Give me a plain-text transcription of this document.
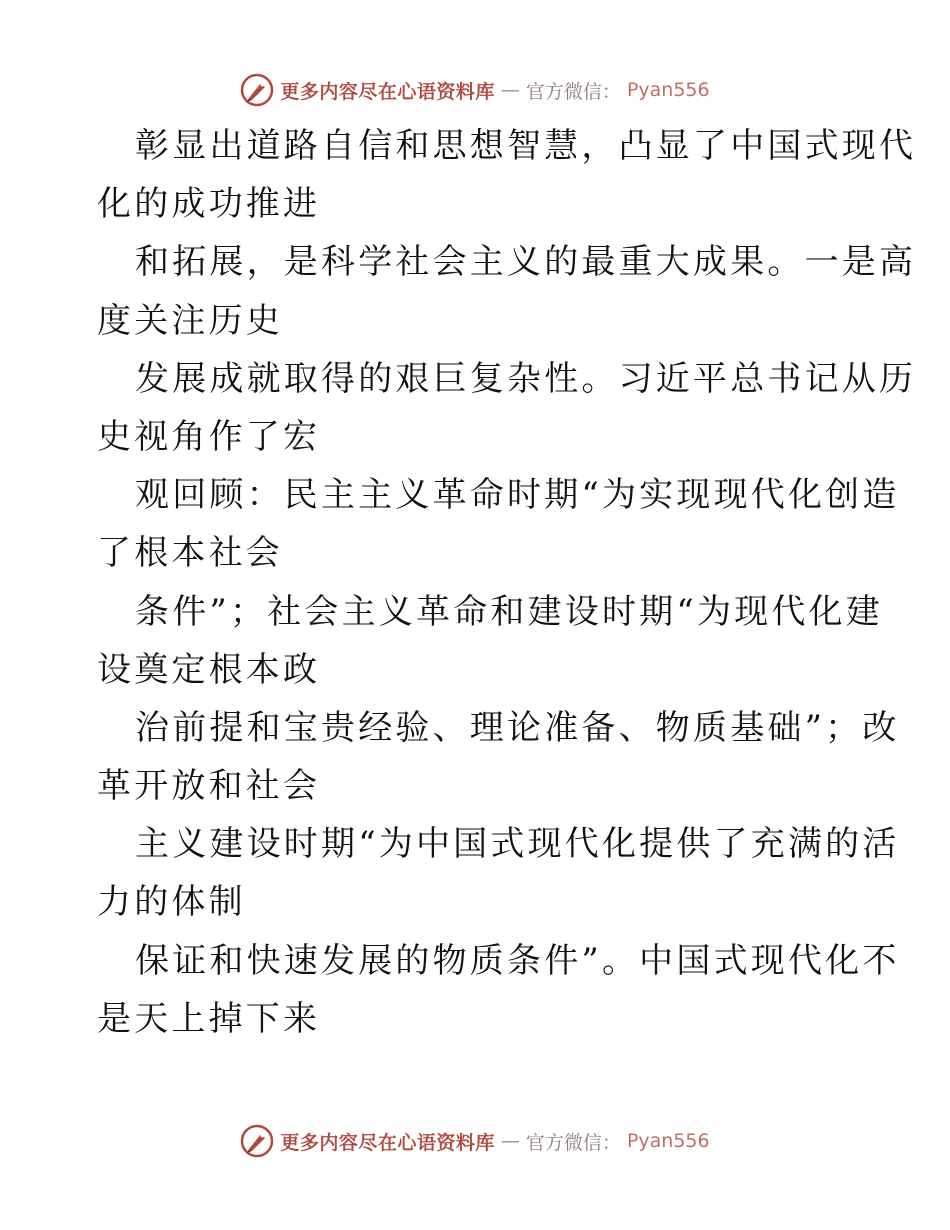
更多内容尽在心语资料库 — 官方微信： Pyan556
彰显出道路自信和思想智慧，凸显了中国式现代
化的成功推进
和拓展，是科学社会主义的最重大成果。一是高
度关注历史
发展成就取得的艰巨复杂性。习近平总书记从历
史视角作了宏
观回顾：民主主义革命时期“为实现现代化创造
了根本社会
条件”；社会主义革命和建设时期“为现代化建
设奠定根本政
治前提和宝贵经验、理论准备、物质基础”；改
革开放和社会
主义建设时期“为中国式现代化提供了充满的活
力的体制
保证和快速发展的物质条件”。中国式现代化不
是天上掉下来
更多内容尽在心语资料库 — 官方微信： Pyan556
